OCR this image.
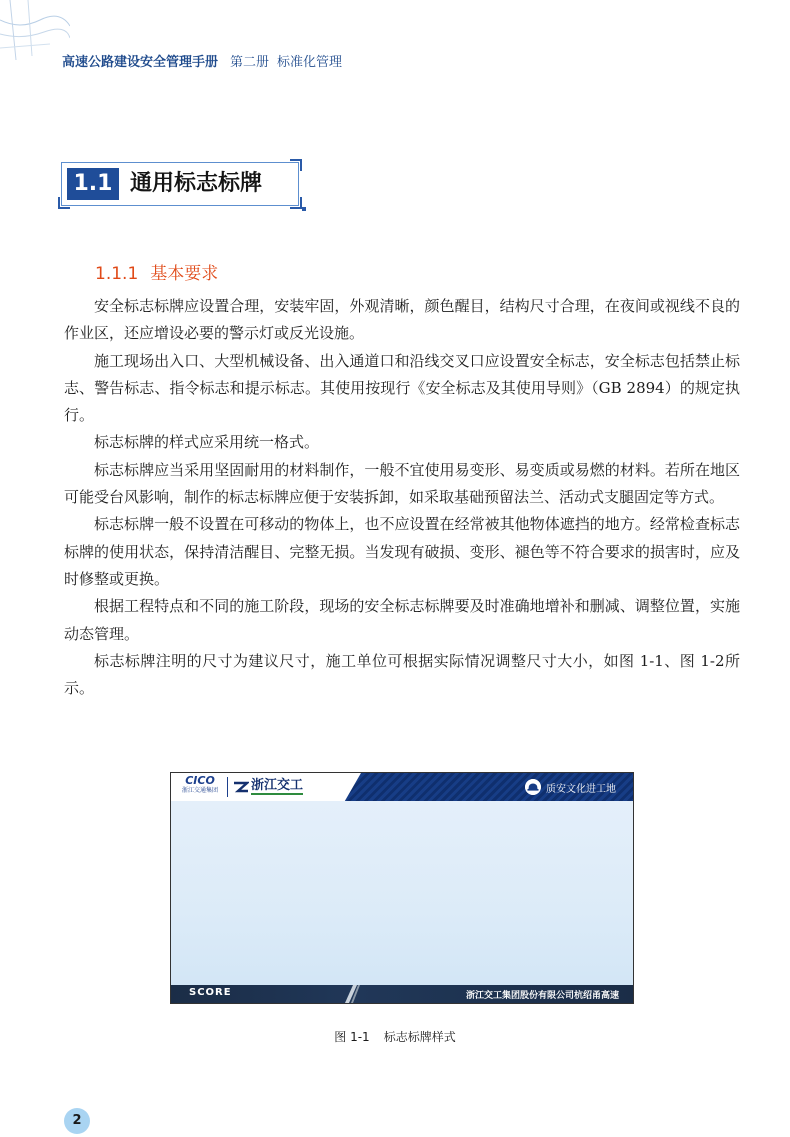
高速公路建设安全管理手册 第二册 标准化管理
1.1 通用标志标牌
1.1.1 基本要求

安全标志标牌应设置合理，安装牢固，外观清晰，颜色醒目，结构尺寸合理，在夜间或视线不良的作业区，还应增设必要的警示灯或反光设施。

施工现场出入口、大型机械设备、出入通道口和沿线交叉口应设置安全标志，安全标志包括禁止标志、警告标志、指令标志和提示标志。其使用按现行《安全标志及其使用导则》（GB 2894）的规定执行。

标志标牌的样式应采用统一格式。

标志标牌应当采用坚固耐用的材料制作，一般不宜使用易变形、易变质或易燃的材料。若所在地区可能受台风影响，制作的标志标牌应便于安装拆卸，如采取基础预留法兰、活动式支腿固定等方式。

标志标牌一般不设置在可移动的物体上，也不应设置在经常被其他物体遮挡的地方。经常检查标志标牌的使用状态，保持清洁醒目、完整无损。当发现有破损、变形、褪色等不符合要求的损害时，应及时修整或更换。

根据工程特点和不同的施工阶段，现场的安全标志标牌要及时准确地增补和删减、调整位置，实施动态管理。

标志标牌注明的尺寸为建议尺寸，施工单位可根据实际情况调整尺寸大小，如图 1-1、图 1-2所示。

CICO
浙江交通集团	浙江交工	质安文化进工地
SCORE	浙江交工集团股份有限公司杭绍甬高速
图 1-1 标志标牌样式
2
